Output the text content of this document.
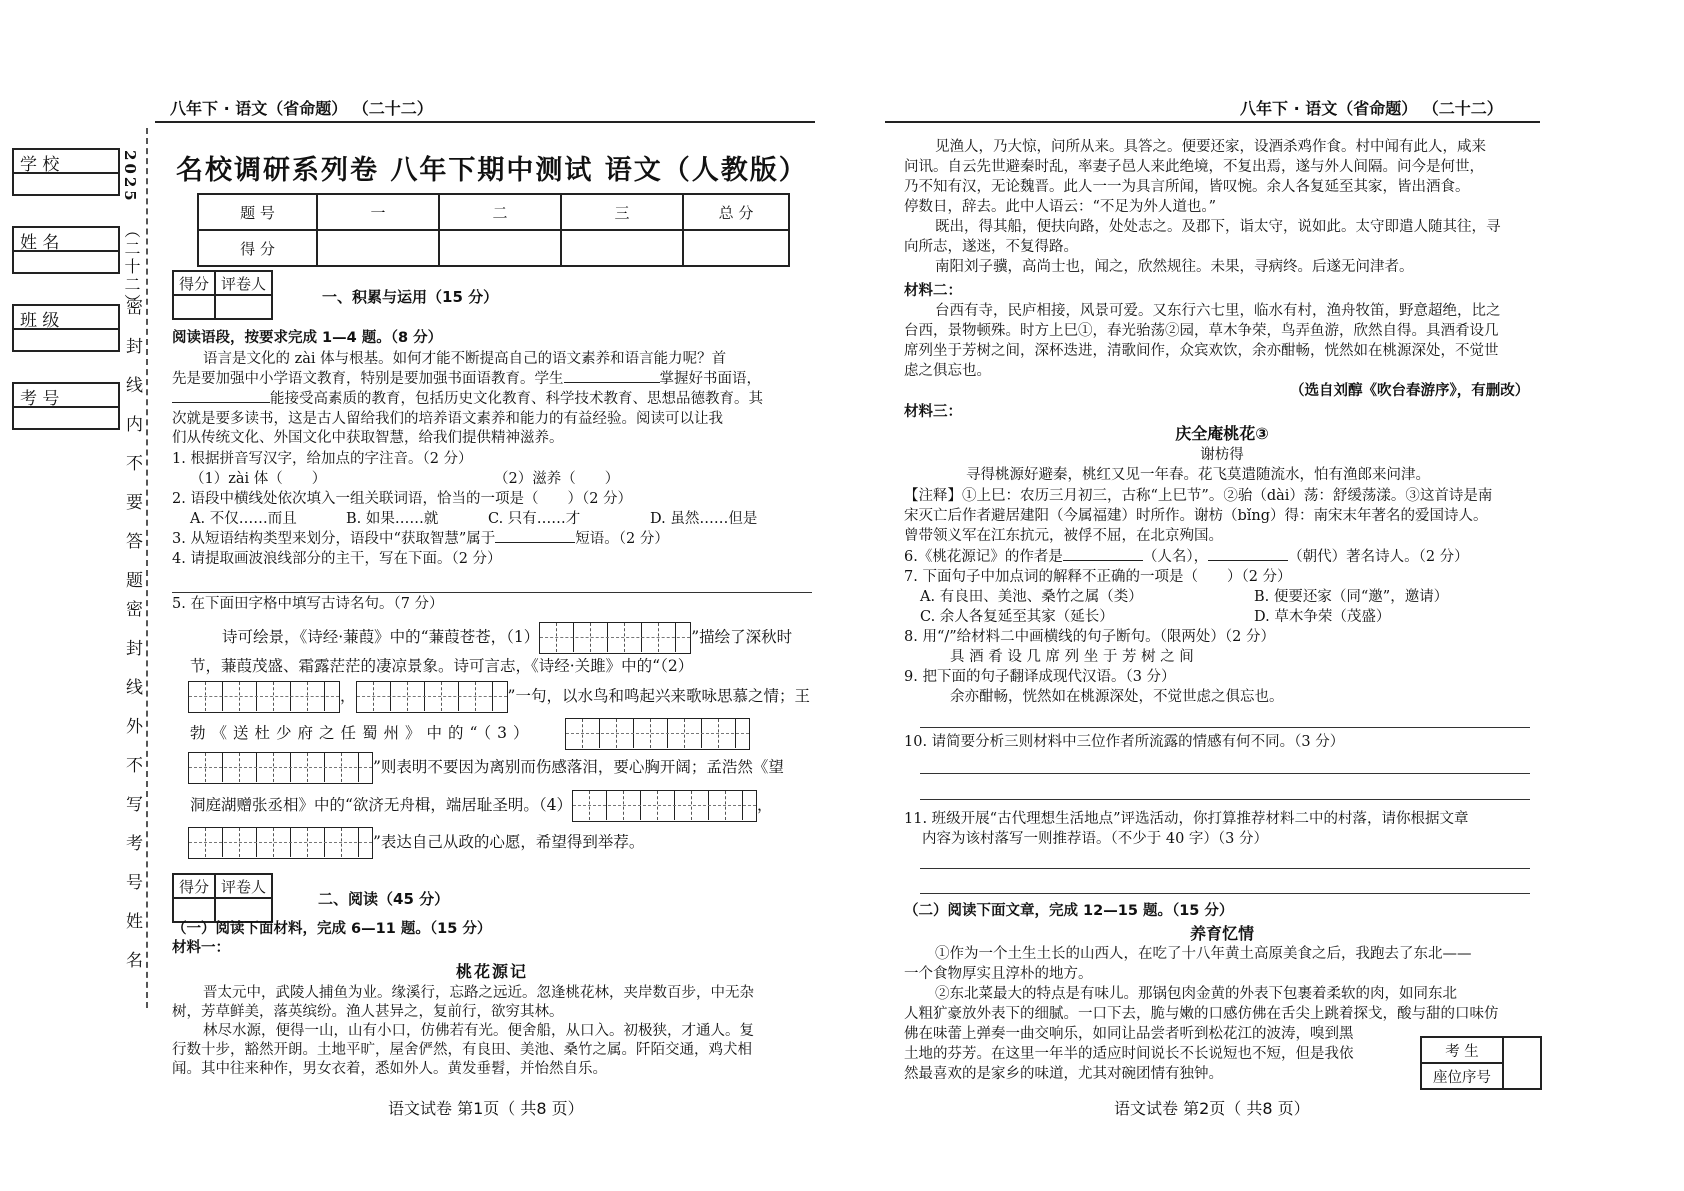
学 校
姓 名
班 级
考 号
2025
（二十二）
密封线内不要答题
密封线外不写考号姓名
八年下 · 语文（省命题） （二十二）
名校调研系列卷 八年下期中测试 语文（人教版）
题 号	一	二	三	总 分
得 分				
得分	评卷人

一、积累与运用（15 分）
阅读语段，按要求完成 1—4 题。（8 分）
语言是文化的 zài 体与根基。如何才能不断提高自己的语文素养和语言能力呢？首
先是要加强中小学语文教育，特别是要加强书面语教育。学生	掌握好书面语，
能接受高素质的教育，包括历史文化教育、科学技术教育、思想品德教育。其
次就是要多读书，这是古人留给我们的培养语文素养和能力的有益经验。阅读可以让我
们从传统文化、外国文化中获取智慧，给我们提供精神滋养。
1. 根据拼音写汉字，给加点的字注音。（2 分）
（1）zài 体（　　）	（2）滋养（　　）
2. 语段中横线处依次填入一组关联词语，恰当的一项是（　　）（2 分）
A. 不仅……而且	B. 如果……就	C. 只有……才	D. 虽然……但是
3. 从短语结构类型来划分，语段中“获取智慧”属于	短语。（2 分）
4. 请提取画波浪线部分的主干，写在下面。（2 分）
5. 在下面田字格中填写古诗名句。（7 分）
诗可绘景，《诗经·蒹葭》中的“蒹葭苍苍，（1）	”描绘了深秋时
节，蒹葭茂盛、霜露茫茫的凄凉景象。诗可言志，《诗经·关雎》中的“（2）
，	”一句，以水鸟和鸣起兴来歌咏思慕之情；王
勃《送杜少府之任蜀州》中的“（3）
”则表明不要因为离别而伤感落泪，要心胸开阔；孟浩然《望
洞庭湖赠张丞相》中的“欲济无舟楫，端居耻圣明。（4）	，
”表达自己从政的心愿，希望得到举荐。
得分	评卷人

二、阅读（45 分）
（一）阅读下面材料，完成 6—11 题。（15 分）
材料一：
桃花源记
晋太元中，武陵人捕鱼为业。缘溪行，忘路之远近。忽逢桃花林，夹岸数百步，中无杂
树，芳草鲜美，落英缤纷。渔人甚异之，复前行，欲穷其林。
林尽水源，便得一山，山有小口，仿佛若有光。便舍船，从口入。初极狭，才通人。复
行数十步，豁然开朗。土地平旷，屋舍俨然，有良田、美池、桑竹之属。阡陌交通，鸡犬相
闻。其中往来种作，男女衣着，悉如外人。黄发垂髫，并怡然自乐。
语文试卷 第1页（ 共8 页）
八年下 · 语文（省命题） （二十二）
见渔人，乃大惊，问所从来。具答之。便要还家，设酒杀鸡作食。村中闻有此人，咸来
问讯。自云先世避秦时乱，率妻子邑人来此绝境，不复出焉，遂与外人间隔。问今是何世，
乃不知有汉，无论魏晋。此人一一为具言所闻，皆叹惋。余人各复延至其家，皆出酒食。
停数日，辞去。此中人语云：“不足为外人道也。”
既出，得其船，便扶向路，处处志之。及郡下，诣太守，说如此。太守即遣人随其往，寻
向所志，遂迷，不复得路。
南阳刘子骥，高尚士也，闻之，欣然规往。未果，寻病终。后遂无问津者。
材料二：
台西有寺，民庐相接，风景可爱。又东行六七里，临水有村，渔舟牧笛，野意超绝，比之
台西，景物顿殊。时方上巳①，春光骀荡②园，草木争荣，鸟弄鱼游，欣然自得。具酒肴设几
席列坐于芳树之间，深杯迭进，清歌间作，众宾欢饮，余亦酣畅，恍然如在桃源深处，不觉世
虑之俱忘也。
（选自刘醇《吹台春游序》，有删改）
材料三：
庆全庵桃花③
谢枋得
寻得桃源好避秦，桃红又见一年春。花飞莫遣随流水，怕有渔郎来问津。
【注释】①上巳：农历三月初三，古称“上巳节”。②骀（dài）荡：舒缓荡漾。③这首诗是南
宋灭亡后作者避居建阳（今属福建）时所作。谢枋（bǐng）得：南宋末年著名的爱国诗人。
曾带领义军在江东抗元，被俘不屈，在北京殉国。
6.《桃花源记》的作者是	（人名），	（朝代）著名诗人。（2 分）
7. 下面句子中加点词的解释不正确的一项是（　　）（2 分）
A. 有良田、美池、桑竹之属（类）	B. 便要还家（同“邀”，邀请）
C. 余人各复延至其家（延长）	D. 草木争荣（茂盛）
8. 用“/”给材料二中画横线的句子断句。（限两处）（2 分）
具 酒 肴 设 几 席 列 坐 于 芳 树 之 间
9. 把下面的句子翻译成现代汉语。（3 分）
余亦酣畅，恍然如在桃源深处，不觉世虑之俱忘也。
10. 请简要分析三则材料中三位作者所流露的情感有何不同。（3 分）
11. 班级开展“古代理想生活地点”评选活动，你打算推荐材料二中的村落，请你根据文章
内容为该村落写一则推荐语。（不少于 40 字）（3 分）
（二）阅读下面文章，完成 12—15 题。（15 分）
养育忆情
①作为一个土生土长的山西人，在吃了十八年黄土高原美食之后，我跑去了东北——
一个食物厚实且淳朴的地方。
②东北菜最大的特点是有味儿。那锅包肉金黄的外表下包裹着柔软的肉，如同东北
人粗犷豪放外表下的细腻。一口下去，脆与嫩的口感仿佛在舌尖上跳着探戈，酸与甜的口味仿
佛在味蕾上弹奏一曲交响乐，如同让品尝者听到松花江的波涛，嗅到黑
土地的芬芳。在这里一年半的适应时间说长不长说短也不短，但是我依
然最喜欢的是家乡的味道，尤其对碗团情有独钟。
考 生	
座位序号
语文试卷 第2页（ 共8 页）
